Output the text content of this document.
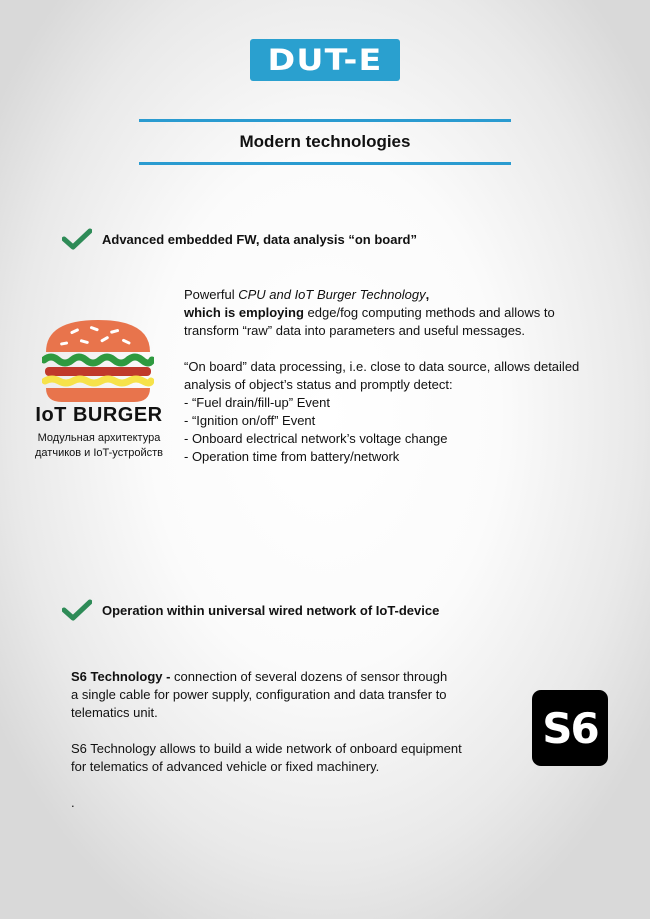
DUT-E
Modern technologies
Advanced embedded FW, data analysis “on board”
IoT BURGER
Модульная архитектура
датчиков и IoT-устройств

Powerful CPU and IoT Burger Technology,

which is employing edge/fog computing methods and allows to

transform “raw” data into parameters and useful messages.

“On board” data processing, i.e. close to data source, allows detailed

analysis of object’s status and promptly detect:

- “Fuel drain/fill-up” Event

- “Ignition on/off” Event

- Onboard electrical network’s voltage change

- Operation time from battery/network

Operation within universal wired network of IoT-device

S6 Technology - connection of several dozens of sensor through

a single cable for power supply, configuration and data transfer to

telematics unit.

S6 Technology allows to build a wide network of onboard equipment

for telematics of advanced vehicle or fixed machinery.

.

S6
